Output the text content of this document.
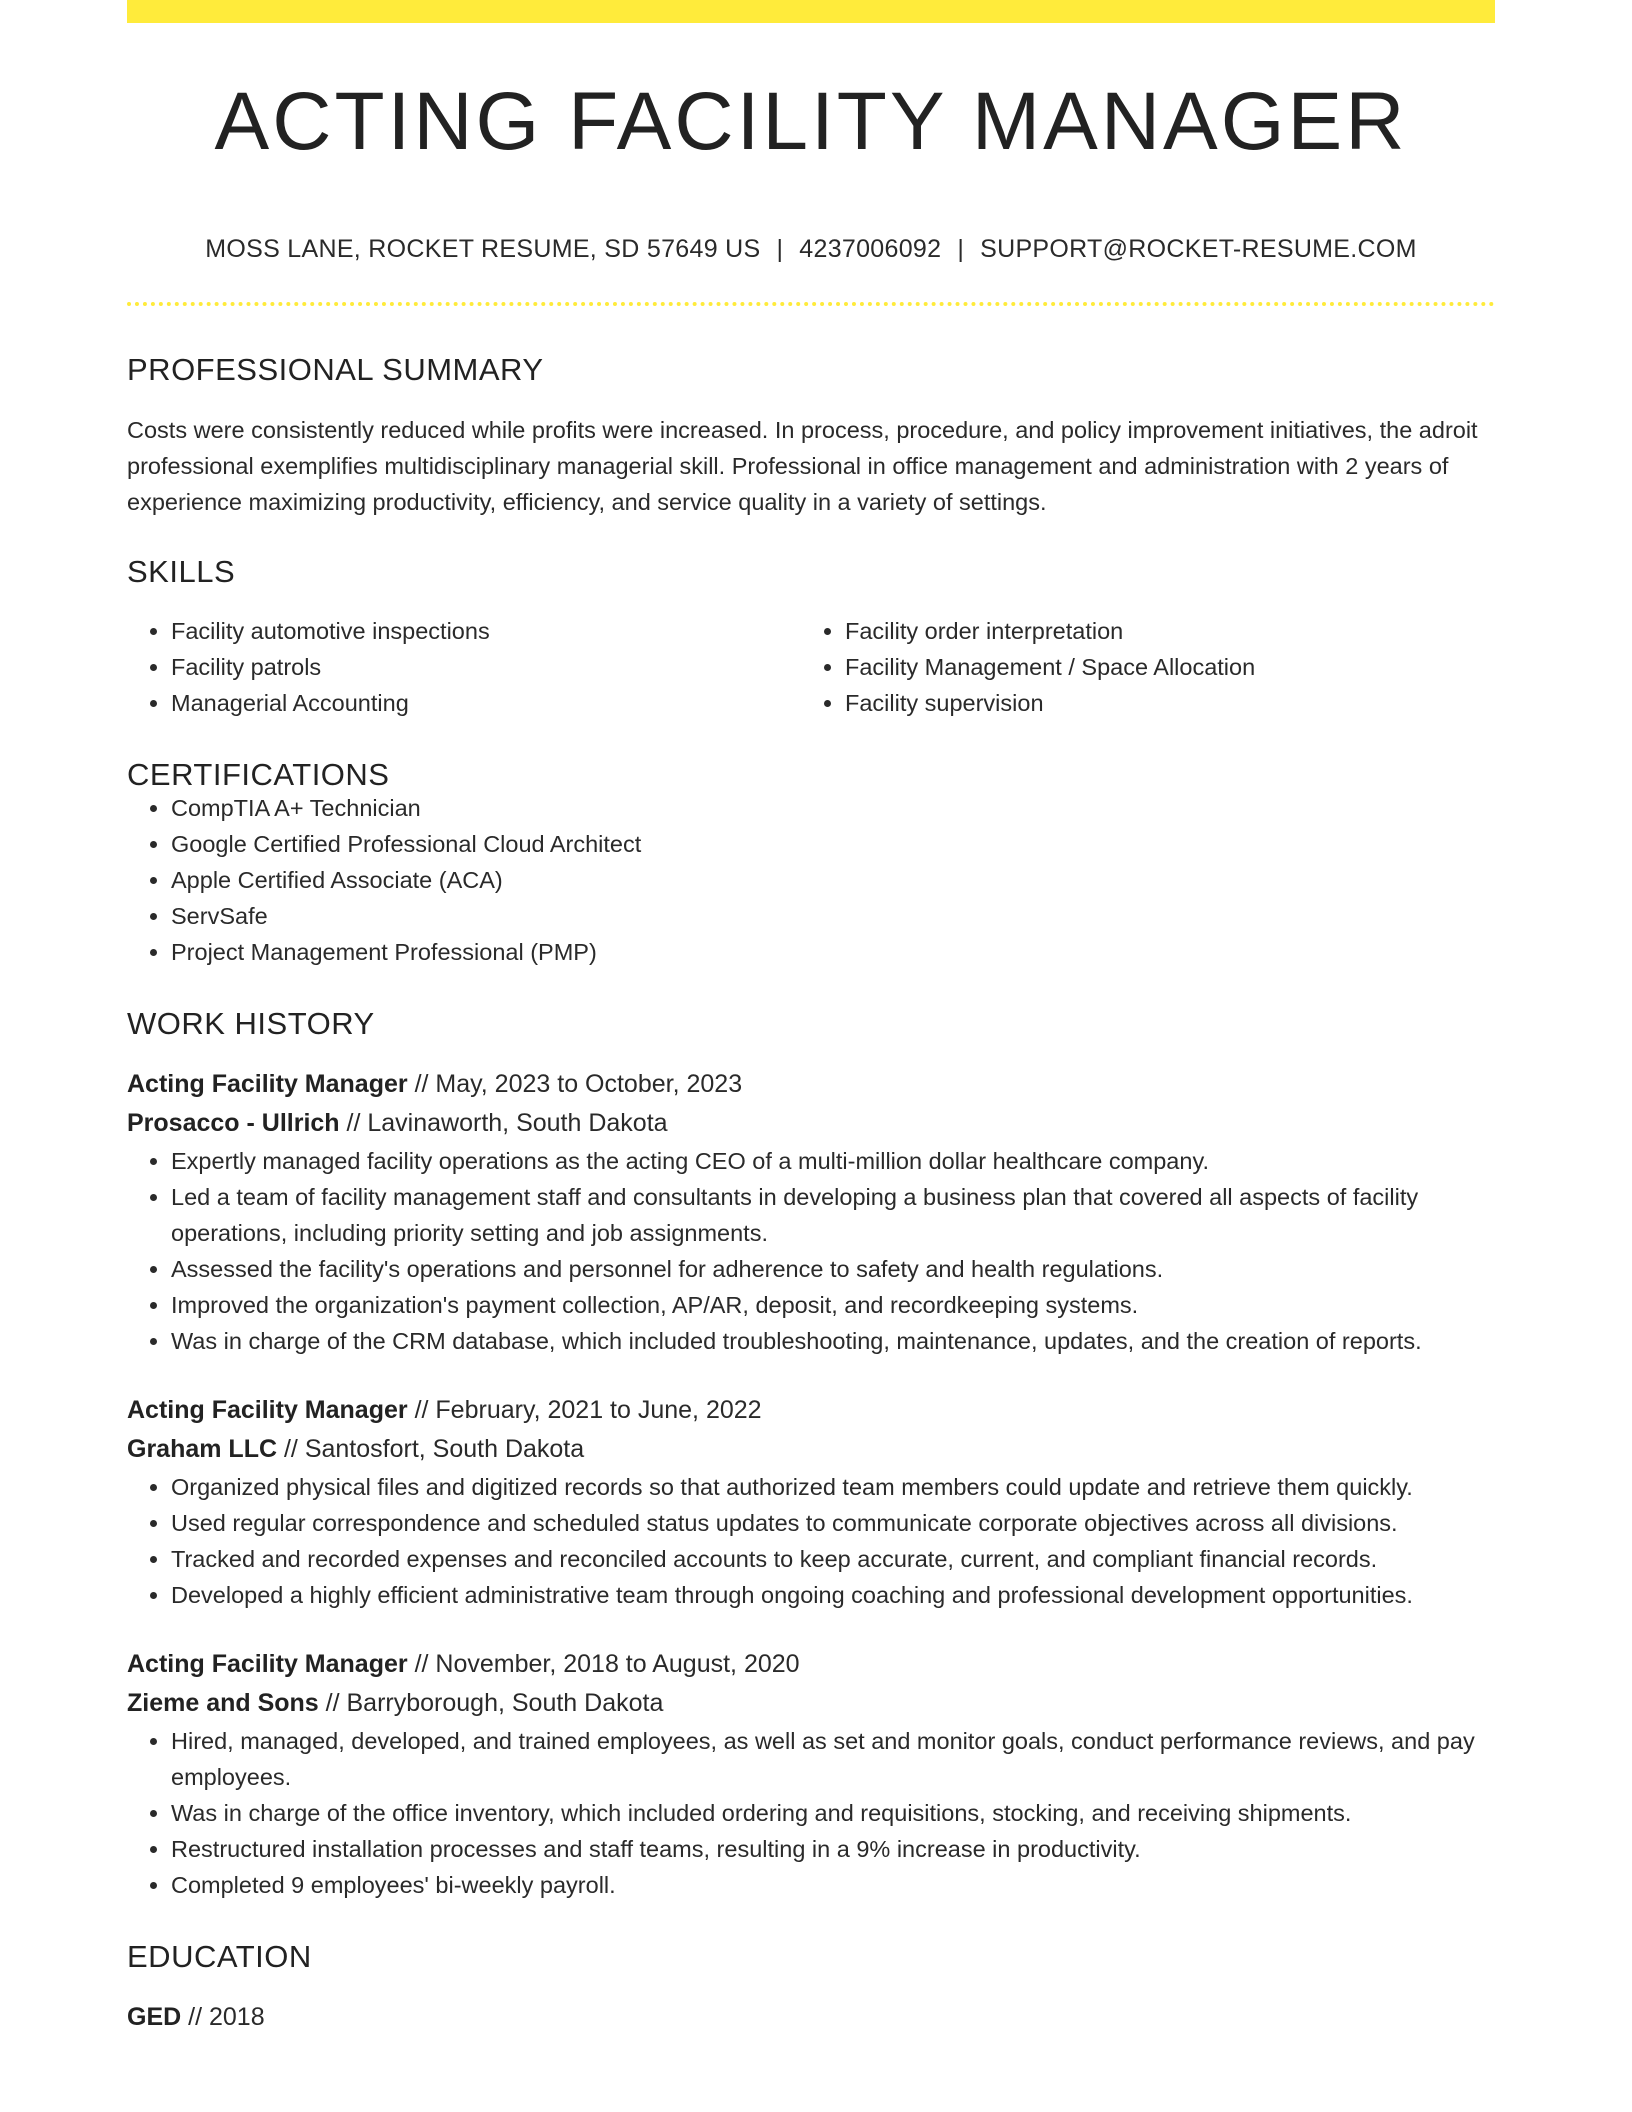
ACTING FACILITY MANAGER
MOSS LANE, ROCKET RESUME, SD 57649 US | 4237006092 | SUPPORT@ROCKET-RESUME.COM
PROFESSIONAL SUMMARY
Costs were consistently reduced while profits were increased. In process, procedure, and policy improvement initiatives, the adroit professional exemplifies multidisciplinary managerial skill. Professional in office management and administration with 2 years of experience maximizing productivity, efficiency, and service quality in a variety of settings.
SKILLS
• Facility automotive inspections
• Facility patrols
• Managerial Accounting
• Facility order interpretation
• Facility Management / Space Allocation
• Facility supervision
CERTIFICATIONS
• CompTIA A+ Technician
• Google Certified Professional Cloud Architect
• Apple Certified Associate (ACA)
• ServSafe
• Project Management Professional (PMP)
WORK HISTORY
Acting Facility Manager // May, 2023 to October, 2023
Prosacco - Ullrich // Lavinaworth, South Dakota
• Expertly managed facility operations as the acting CEO of a multi-million dollar healthcare company.
• Led a team of facility management staff and consultants in developing a business plan that covered all aspects of facility operations, including priority setting and job assignments.
• Assessed the facility's operations and personnel for adherence to safety and health regulations.
• Improved the organization's payment collection, AP/AR, deposit, and recordkeeping systems.
• Was in charge of the CRM database, which included troubleshooting, maintenance, updates, and the creation of reports.
Acting Facility Manager // February, 2021 to June, 2022
Graham LLC // Santosfort, South Dakota
• Organized physical files and digitized records so that authorized team members could update and retrieve them quickly.
• Used regular correspondence and scheduled status updates to communicate corporate objectives across all divisions.
• Tracked and recorded expenses and reconciled accounts to keep accurate, current, and compliant financial records.
• Developed a highly efficient administrative team through ongoing coaching and professional development opportunities.
Acting Facility Manager // November, 2018 to August, 2020
Zieme and Sons // Barryborough, South Dakota
• Hired, managed, developed, and trained employees, as well as set and monitor goals, conduct performance reviews, and pay employees.
• Was in charge of the office inventory, which included ordering and requisitions, stocking, and receiving shipments.
• Restructured installation processes and staff teams, resulting in a 9% increase in productivity.
• Completed 9 employees' bi-weekly payroll.
EDUCATION
GED // 2018
